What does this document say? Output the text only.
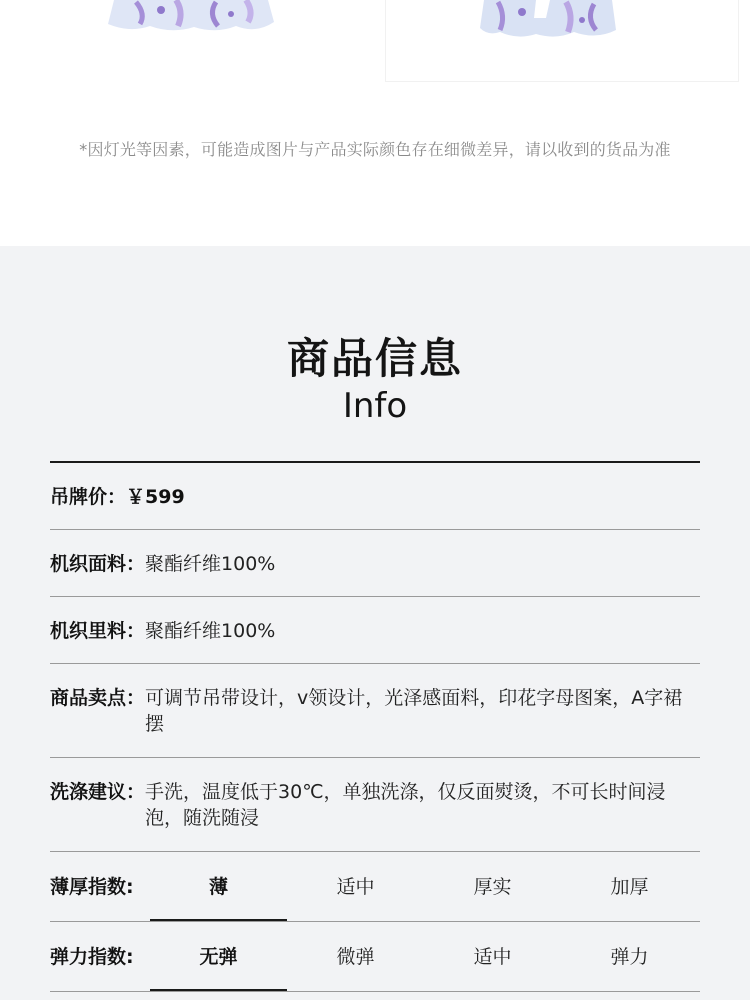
*因灯光等因素，可能造成图片与产品实际颜色存在细微差异，请以收到的货品为准
商品信息
Info
吊牌价： ￥599
机织面料： 聚酯纤维100%
机织里料： 聚酯纤维100%
商品卖点： 可调节吊带设计，v领设计，光泽感面料，印花字母图案，A字裙摆
洗涤建议： 手洗，温度低于30℃，单独洗涤，仅反面熨烫，不可长时间浸泡，随洗随浸
薄厚指数:	薄	适中	厚实	加厚
弹力指数:	无弹	微弹	适中	弹力
